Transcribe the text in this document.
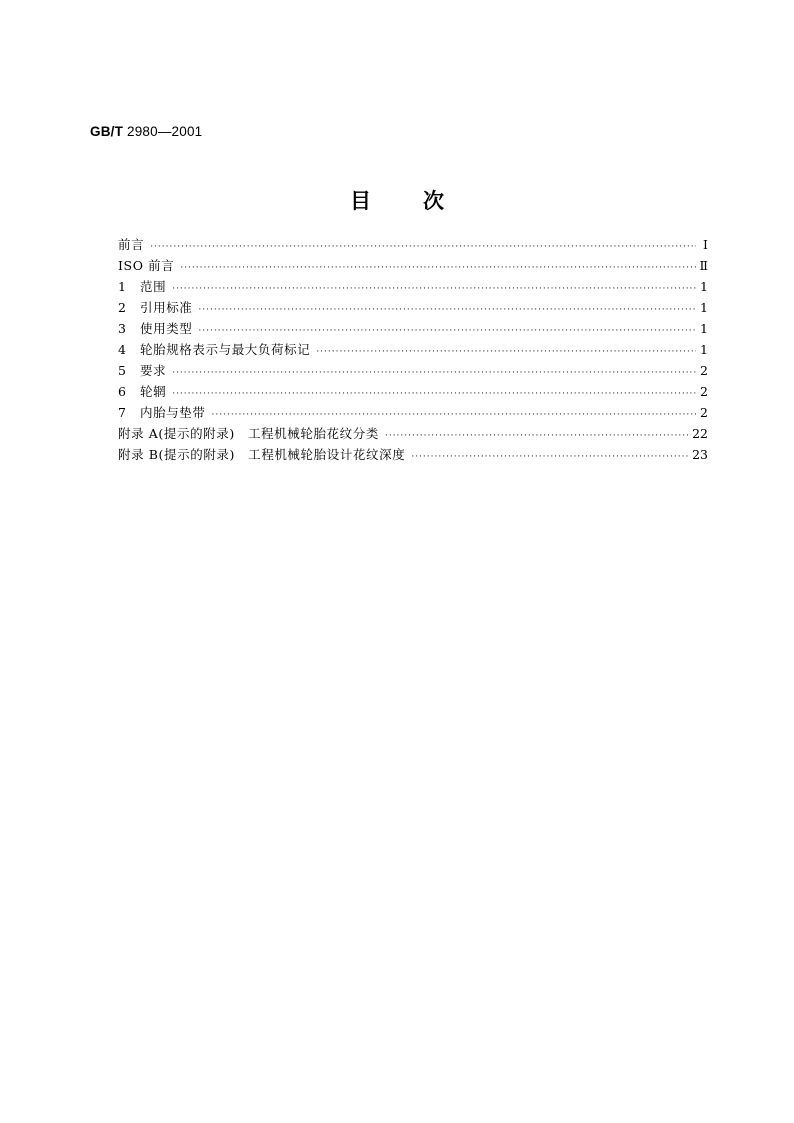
GB/T 2980—2001
目次
前言 ·····	Ⅰ
ISO 前言 ·····	Ⅱ
1	范围 ·····	1
2	引用标准 ·····	1
3	使用类型 ·····	1
4	轮胎规格表示与最大负荷标记 ·····	1
5	要求 ·····	2
6	轮辋 ·····	2
7	内胎与垫带 ·····	2
附录 A(提示的附录)　工程机械轮胎花纹分类 ·····	22
附录 B(提示的附录)　工程机械轮胎设计花纹深度 ·····	23
